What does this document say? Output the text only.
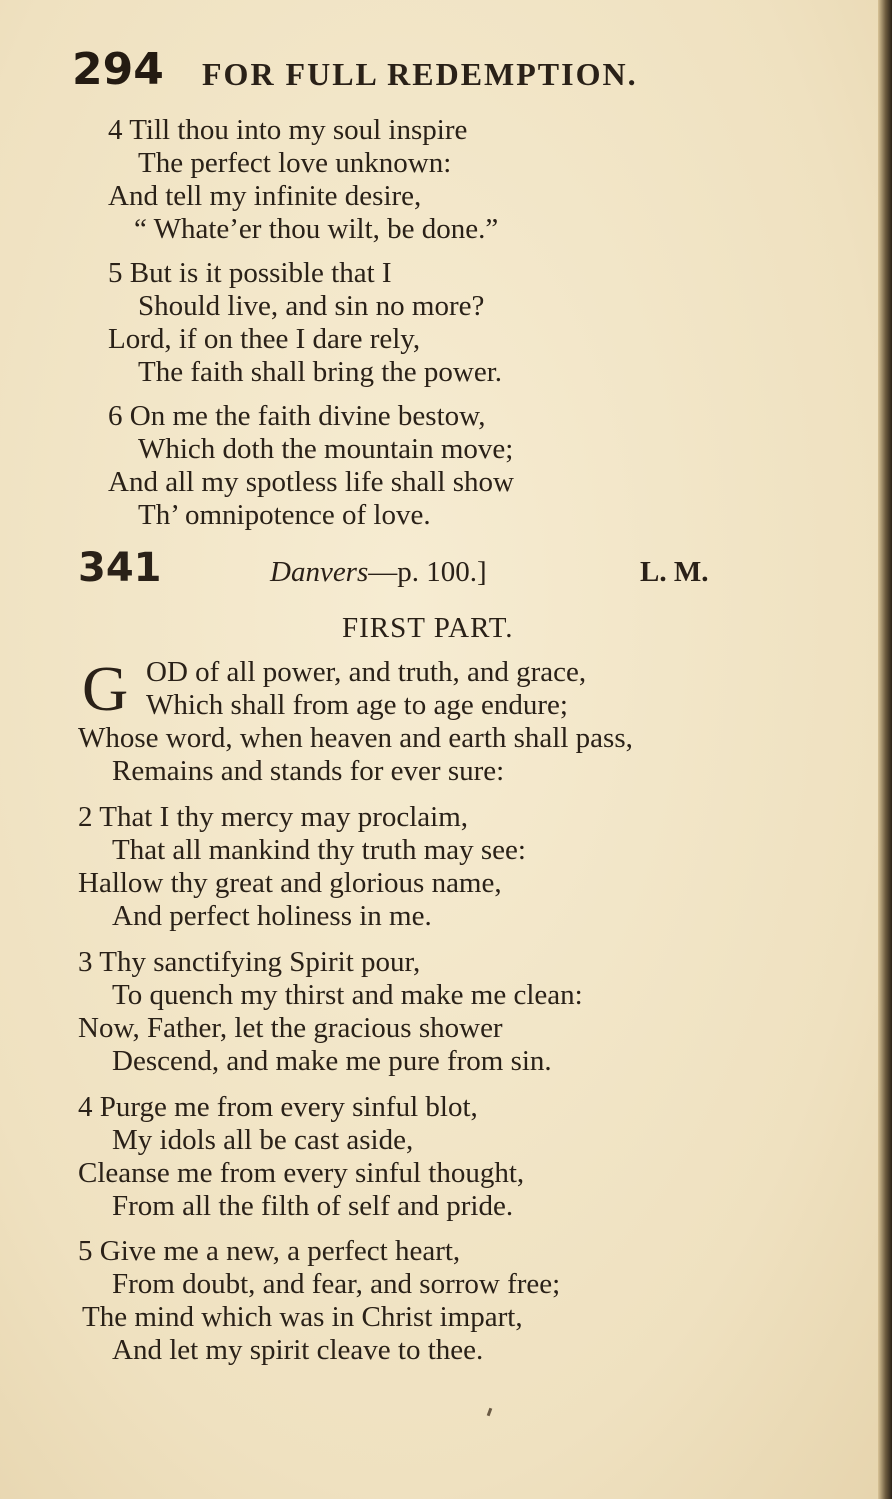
294 FOR FULL REDEMPTION.
4 Till thou into my soul inspire
The perfect love unknown:
And tell my infinite desire,
“ Whate’er thou wilt, be done.”
5 But is it possible that I
Should live, and sin no more?
Lord, if on thee I dare rely,
The faith shall bring the power.
6 On me the faith divine bestow,
Which doth the mountain move;
And all my spotless life shall show
Th’ omnipotence of love.
341	Danvers—p. 100.]	L. M.
FIRST PART.
G OD of all power, and truth, and grace,
Which shall from age to age endure;
Whose word, when heaven and earth shall pass,
Remains and stands for ever sure:
2 That I thy mercy may proclaim,
That all mankind thy truth may see:
Hallow thy great and glorious name,
And perfect holiness in me.
3 Thy sanctifying Spirit pour,
To quench my thirst and make me clean:
Now, Father, let the gracious shower
Descend, and make me pure from sin.
4 Purge me from every sinful blot,
My idols all be cast aside,
Cleanse me from every sinful thought,
From all the filth of self and pride.
5 Give me a new, a perfect heart,
From doubt, and fear, and sorrow free;
The mind which was in Christ impart,
And let my spirit cleave to thee.
